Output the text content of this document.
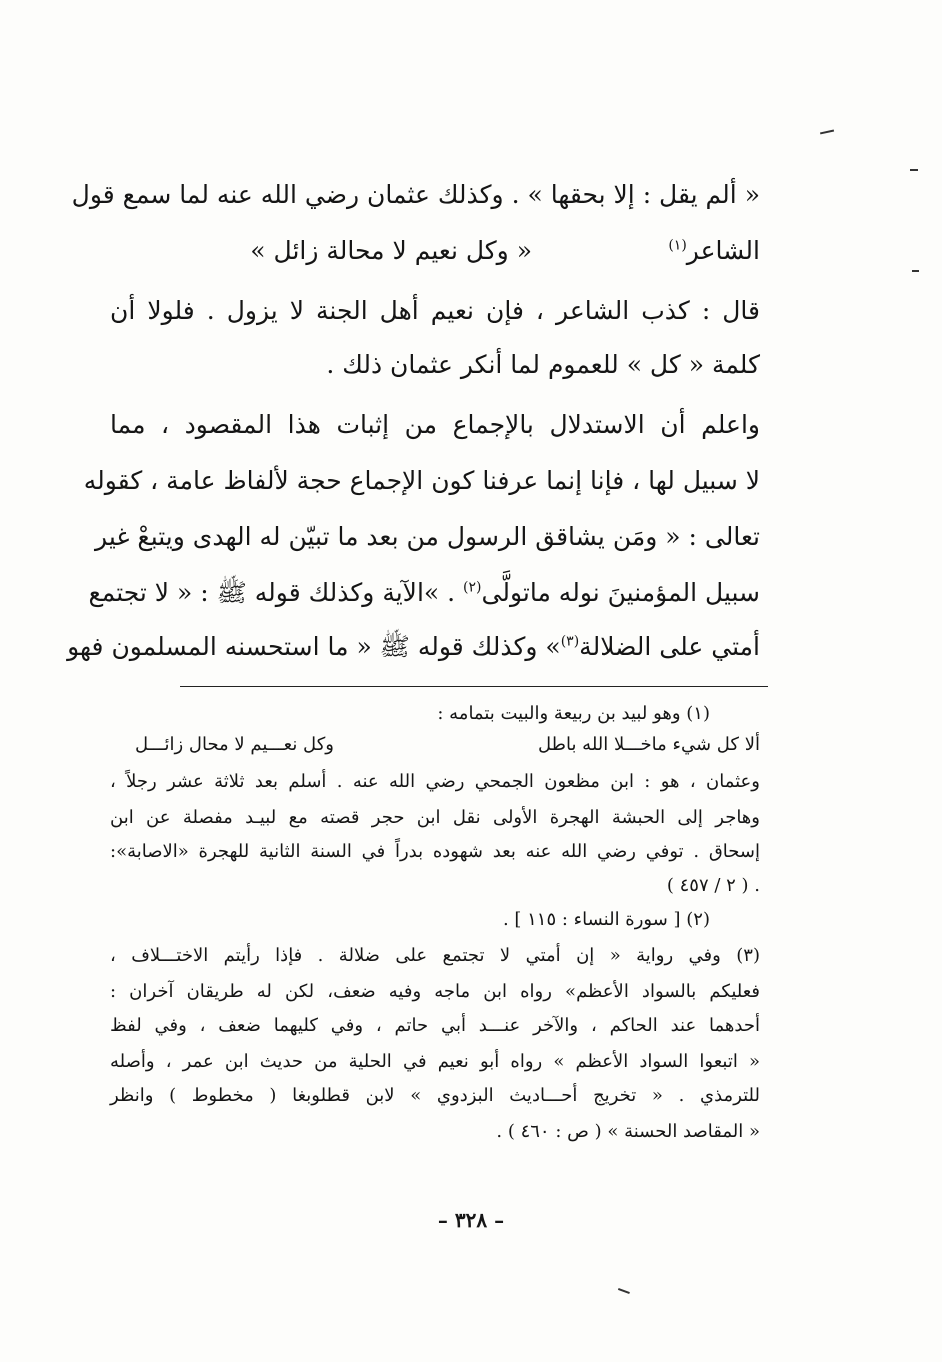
« ألم يقل : إلا بحقها » . وكذلك عثمان رضي الله عنه لما سمع قول
الشاعر$^{(١)}$
« وكل نعيم لا محالة زائل »
قال : كذب الشاعر ، فإن نعيم أهل الجنة لا يزول . فلولا أن
كلمة « كل » للعموم لما أنكر عثمان ذلك .
واعلم أن الاستدلال بالإجماع من إثبات هذا المقصود ، مما
لا سبيل لها ، فإنا إنما عرفنا كون الإجماع حجة لألفاظ عامة ، كقوله
تعالى : « ومَن يشاقق الرسول من بعد ما تبيّن له الهدى ويتبعْ غير
سبيل المؤمنينَ نوله ماتولَّى$^{(٢)}$ . »الآية وكذلك قوله ﷺ : « لا تجتمع
أمتي على الضلالة$^{(٣)}$» وكذلك قوله ﷺ « ما استحسنه المسلمون فهو
(١) وهو لبيد بن ربيعة والبيت بتمامه :
ألا كل شيء ماخـــلا الله باطل
وكل نعـــيم لا محال زائـــل
وعثمان ، هو : ابن مظعون الجمحي رضي الله عنه . أسلم بعد ثلاثة عشر رجلاً ،
وهاجر إلى الحبشة الهجرة الأولى نقل ابن حجر قصته مع لبيـد مفصلة عن ابن
إسحاق . توفي رضي الله عنه بعد شهوده بدراً في السنة الثانية للهجرة «الاصابة»:
. ( ٢ / ٤٥٧ )
(٢) [ سورة النساء : ١١٥ ] .
(٣) وفي رواية « إن أمتي لا تجتمع على ضلالة . فإذا رأيتم الاختـــلاف ،
فعليكم بالسواد الأعظم» رواه ابن ماجه وفيه ضعف، لكن له طريقان آخران :
أحدهما عند الحاكم ، والآخر عنـــد أبي حاتم ، وفي كليهما ضعف ، وفي لفظ
« اتبعوا السواد الأعظم » رواه أبو نعيم في الحلية من حديث ابن عمر ، وأصله
للترمذي . « تخريج أحـــاديث البزدوي » لابن قطلوبغا ( مخطوط ) وانظر
« المقاصد الحسنة » ( ص : ٤٦٠ ) .
– ٣٢٨ –
